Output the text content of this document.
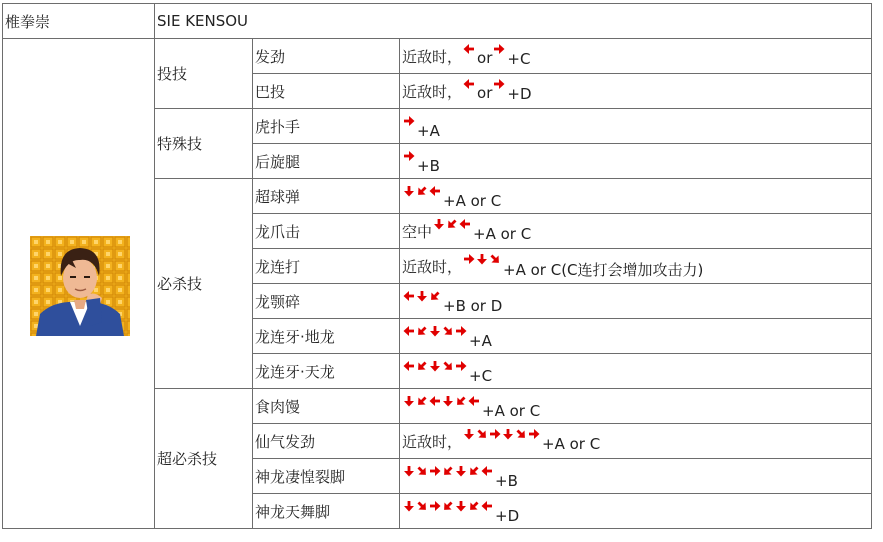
椎拳崇	SIE KENSOU		
	投技	发劲	近敌时， or +C

		巴投	近敌时， or +D

	特殊技	虎扑手	+A

		后旋腿	+B

	必杀技	超球弹	+A or C

		龙爪击	空中 +A or C

		龙连打	近敌时， +A or C(C连打会增加攻击力)

		龙颚碎	+B or D

		龙连牙·地龙	+A

		龙连牙·天龙	+C

	超必杀技	食肉馒	+A or C

		仙气发劲	近敌时， +A or C

		神龙凄惶裂脚	+B

		神龙天舞脚	+D
